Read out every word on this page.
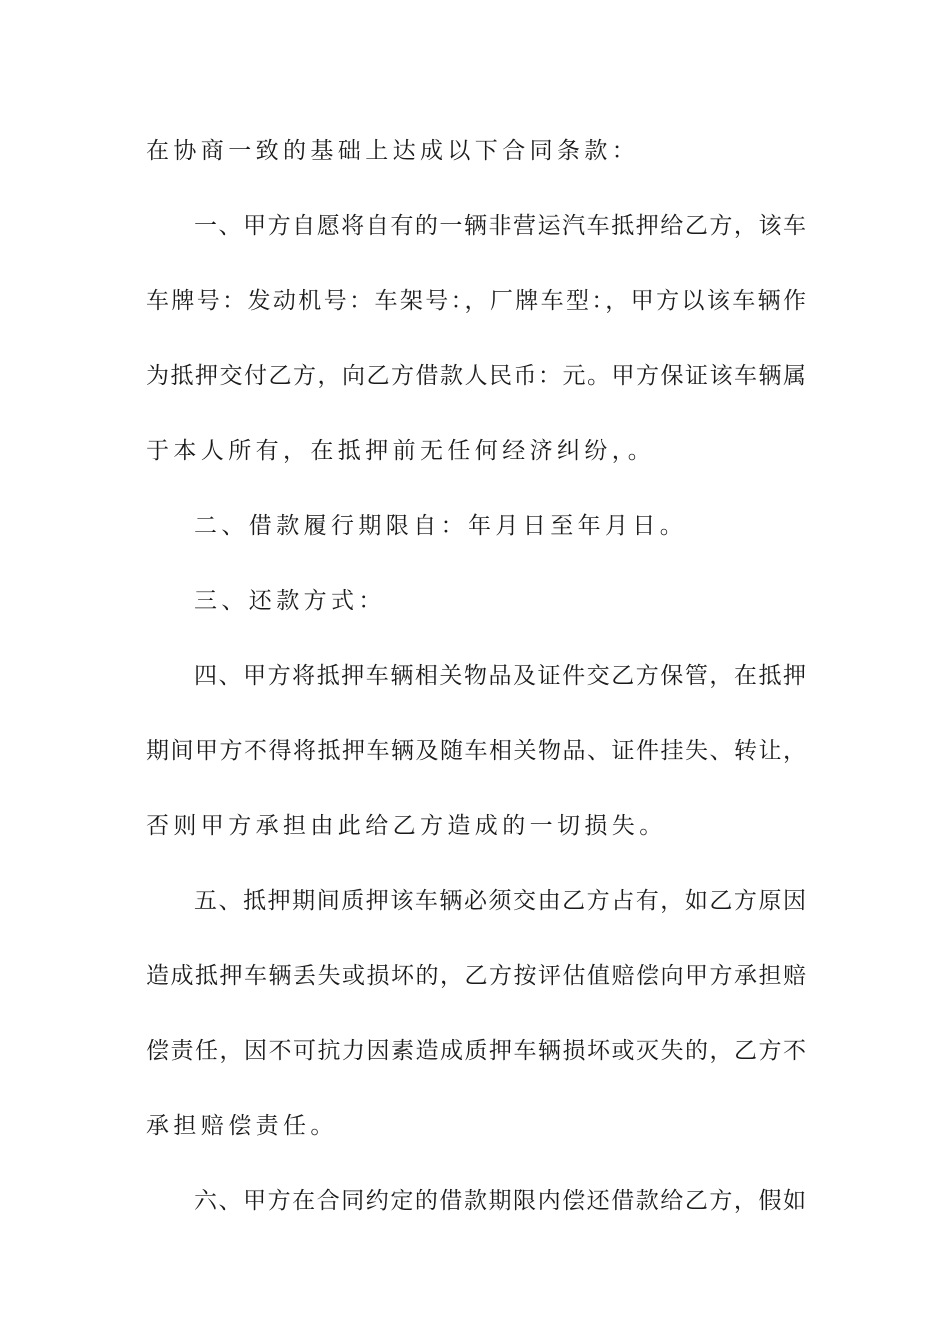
在协商一致的基础上达成以下合同条款：
一、甲方自愿将自有的一辆非营运汽车抵押给乙方，该车
车牌号：发动机号：车架号：，厂牌车型：，甲方以该车辆作
为抵押交付乙方，向乙方借款人民币：元。甲方保证该车辆属
于本人所有，在抵押前无任何经济纠纷，。
二、借款履行期限自：年月日至年月日。
三、还款方式：
四、甲方将抵押车辆相关物品及证件交乙方保管，在抵押
期间甲方不得将抵押车辆及随车相关物品、证件挂失、转让，
否则甲方承担由此给乙方造成的一切损失。
五、抵押期间质押该车辆必须交由乙方占有，如乙方原因
造成抵押车辆丢失或损坏的，乙方按评估值赔偿向甲方承担赔
偿责任，因不可抗力因素造成质押车辆损坏或灭失的，乙方不
承担赔偿责任。
六、甲方在合同约定的借款期限内偿还借款给乙方，假如
